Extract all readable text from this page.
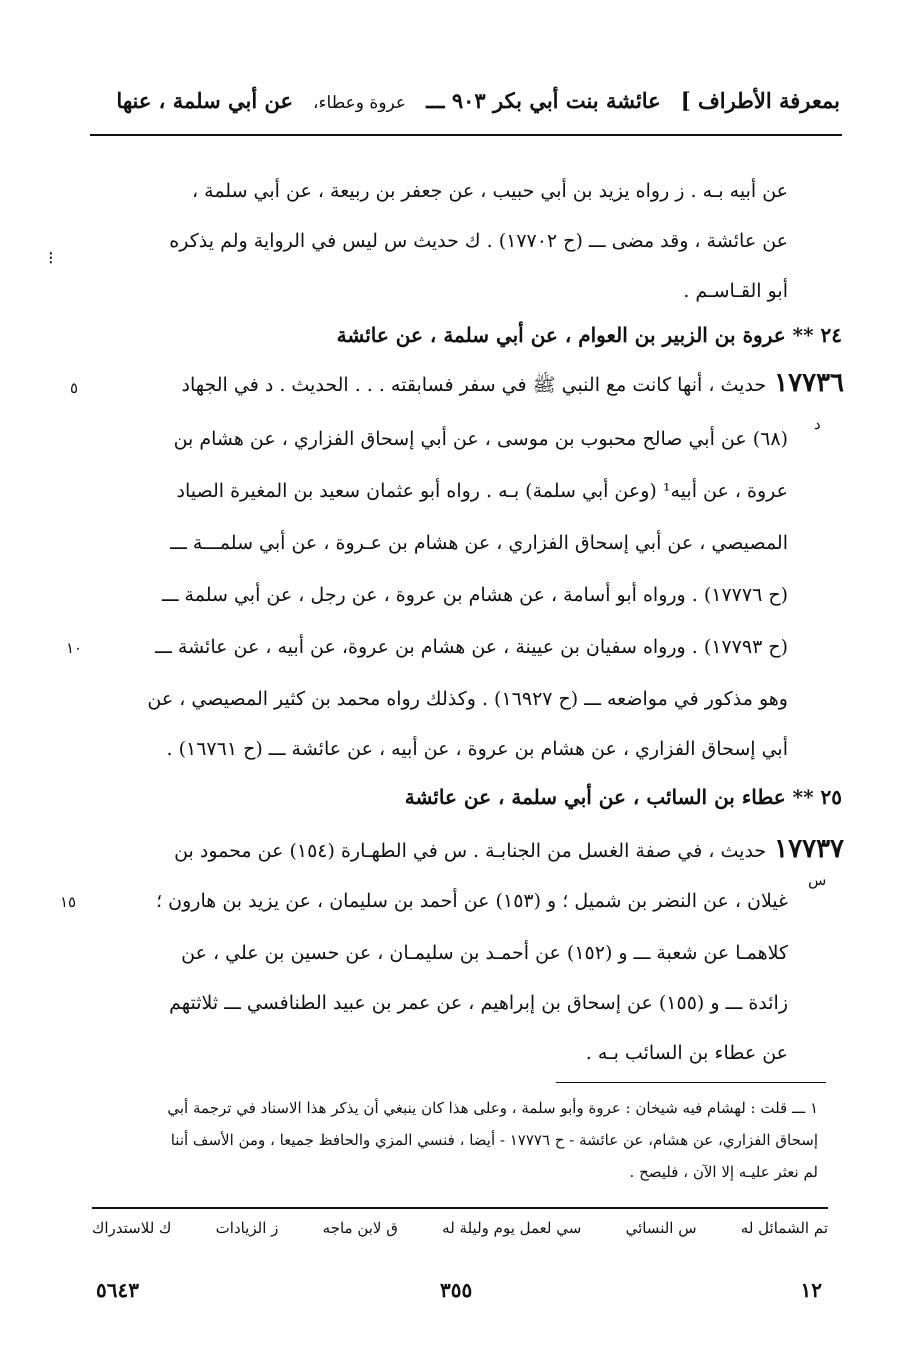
بمعرفة الأطراف ]
عائشة بنت أبي بكر ٩٠٣ ـــ
عروة وعطاء،
عن أبي سلمة ، عنها
عن أبيه بـه . ز رواه يزيد بن أبي حبيب ، عن جعفر بن ربيعة ، عن أبي سلمة ،
عن عائشة ، وقد مضى ـــ (ح ١٧٧٠٢) . ك حديث س ليس في الرواية ولم يذكره
أبو القـاسـم .
⁝
٢٤ ** عروة بن الزبير بن العوام ، عن أبي سلمة ، عن عائشة
١٧٧٣٦حديث ، أنها كانت مع النبي ﷺ في سفر فسابقته . . . الحديث . د في الجهاد
٥
د
(٦٨) عن أبي صالح محبوب بن موسى ، عن أبي إسحاق الفزاري ، عن هشام بن
عروة ، عن أبيه¹ (وعن أبي سلمة) بـه . رواه أبو عثمان سعيد بن المغيرة الصياد
المصيصي ، عن أبي إسحاق الفزاري ، عن هشام بن عـروة ، عن أبي سلمـــة ـــ
(ح ١٧٧٧٦) . ورواه أبو أسامة ، عن هشام بن عروة ، عن رجل ، عن أبي سلمة ـــ
(ح ١٧٧٩٣) . ورواه سفيان بن عيينة ، عن هشام بن عروة، عن أبيه ، عن عائشة ـــ
١٠
وهو مذكور في مواضعه ـــ (ح ١٦٩٢٧) . وكذلك رواه محمد بن كثير المصيصي ، عن
أبي إسحاق الفزاري ، عن هشام بن عروة ، عن أبيه ، عن عائشة ـــ (ح ١٦٧٦١) .
٢٥ ** عطاء بن السائب ، عن أبي سلمة ، عن عائشة
١٧٧٣٧حديث ، في صفة الغسل من الجنابـة . س في الطهـارة (١٥٤) عن محمود بن
س
١٥	غيلان ، عن النضر بن شميل ؛ و (١٥٣) عن أحمد بن سليمان ، عن يزيد بن هارون ؛
كلاهمـا عن شعبة ـــ و (١٥٢) عن أحمـد بن سليمـان ، عن حسين بن علي ، عن
زائدة ـــ و (١٥٥) عن إسحاق بن إبراهيم ، عن عمر بن عبيد الطنافسي ـــ ثلاثتهم
عن عطاء بن السائب بـه .
١ ـــ قلت : لهشام فيه شيخان : عروة وأبو سلمة ، وعلى هذا كان ينبغي أن يذكر هذا الاسناد في ترجمة أبي
إسحاق الفزاري، عن هشام، عن عائشة - ح ١٧٧٧٦ - أيضا ، فنسي المزي والحافظ جميعا ، ومن الأسف أننا
لم نعثر عليـه إلا الآن ، فليصح .
تم الشمائل له
س النسائي
سي لعمل يوم وليلة له
ق لابن ماجه
ز الزيادات
ك للاستدراك
٥٦٤٣	٣٥٥	١٢
